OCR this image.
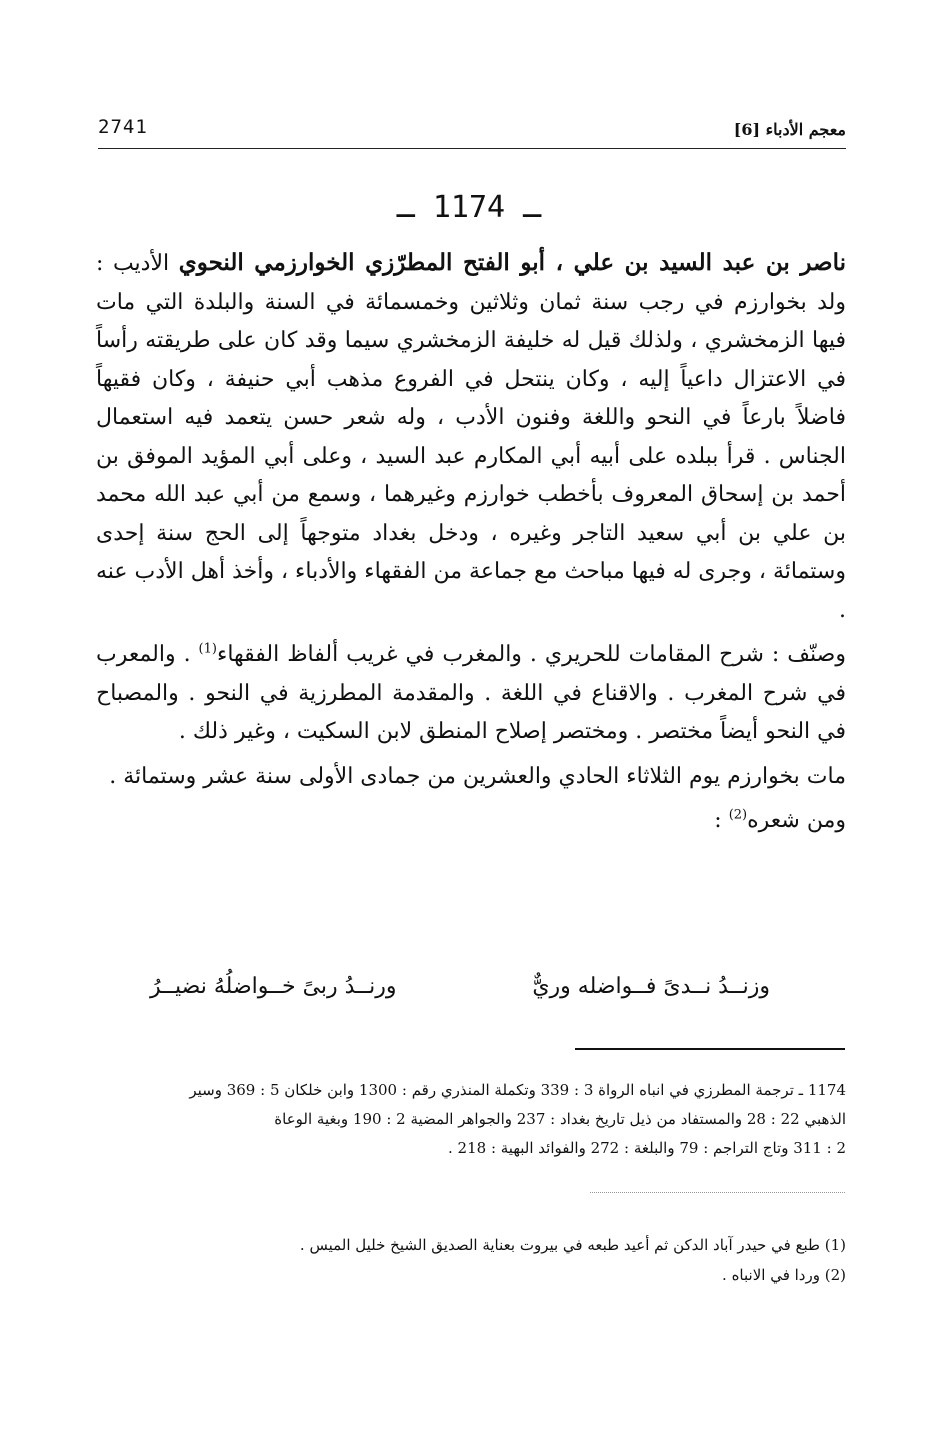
2741	معجم الأدباء [6]
ـ 1174 ـ

ناصر بن عبد السيد بن علي ، أبو الفتح المطرّزي الخوارزمي النحوي الأديب : ولد بخوارزم في رجب سنة ثمان وثلاثين وخمسمائة في السنة والبلدة التي مات فيها الزمخشري ، ولذلك قيل له خليفة الزمخشري سيما وقد كان على طريقته رأساً في الاعتزال داعياً إليه ، وكان ينتحل في الفروع مذهب أبي حنيفة ، وكان فقيهاً فاضلاً بارعاً في النحو واللغة وفنون الأدب ، وله شعر حسن يتعمد فيه استعمال الجناس . قرأ ببلده على أبيه أبي المكارم عبد السيد ، وعلى أبي المؤيد الموفق بن أحمد بن إسحاق المعروف بأخطب خوارزم وغيرهما ، وسمع من أبي عبد الله محمد بن علي بن أبي سعيد التاجر وغيره ، ودخل بغداد متوجهاً إلى الحج سنة إحدى وستمائة ، وجرى له فيها مباحث مع جماعة من الفقهاء والأدباء ، وأخذ أهل الأدب عنه .

وصنّف : شرح المقامات للحريري . والمغرب في غريب ألفاظ الفقهاء$^{(1)}$ . والمعرب في شرح المغرب . والاقناع في اللغة . والمقدمة المطرزية في النحو . والمصباح في النحو أيضاً مختصر . ومختصر إصلاح المنطق لابن السكيت ، وغير ذلك .

مات بخوارزم يوم الثلاثاء الحادي والعشرين من جمادى الأولى سنة عشر وستمائة .

ومن شعره$^{(2)}$ :

وزنــدُ نــدىً فــواضله وريٌّ
ورنــدُ ربىً خــواضلُهُ نضيــرُ
1174 ـ ترجمة المطرزي في انباه الرواة 3 : 339 وتكملة المنذري رقم : 1300 وابن خلكان 5 : 369 وسير
الذهبي 22 : 28 والمستفاد من ذيل تاريخ بغداد : 237 والجواهر المضية 2 : 190 وبغية الوعاة
2 : 311 وتاج التراجم : 79 والبلغة : 272 والفوائد البهية : 218 .
(1) طبع في حيدر آباد الدكن ثم أعيد طبعه في بيروت بعناية الصديق الشيخ خليل الميس .
(2) وردا في الانباه .
